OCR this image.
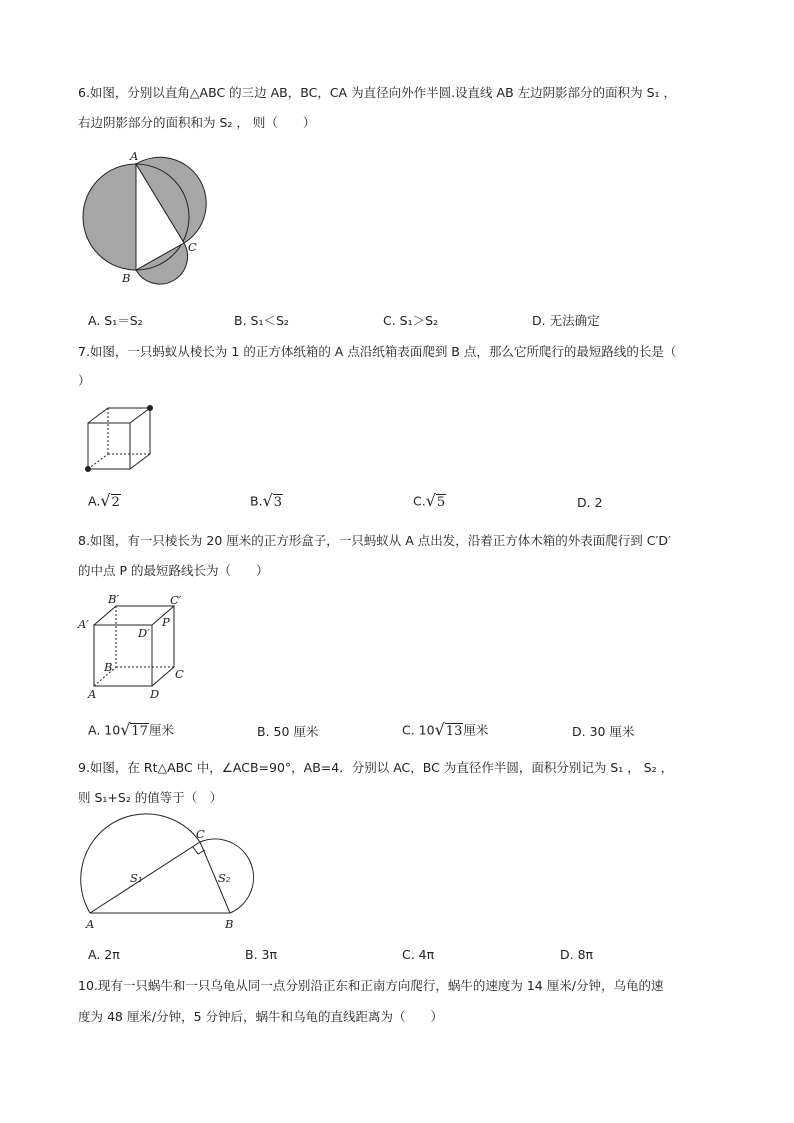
6.如图，分别以直角△ABC 的三边 AB，BC，CA 为直径向外作半圆.设直线 AB 左边阴影部分的面积为 S₁ ，
右边阴影部分的面积和为 S₂ ， 则（　　）
A
C
B
A. S₁＝S₂	B. S₁＜S₂	C. S₁＞S₂	D. 无法确定
7.如图，一只蚂蚁从棱长为 1 的正方体纸箱的 A 点沿纸箱表面爬到 B 点，那么它所爬行的最短路线的长是（
）
A.√2	B.√3	C.√5	D. 2
8.如图，有一只棱长为 20 厘米的正方形盒子，一只蚂蚁从 A 点出发，沿着正方体木箱的外表面爬行到 C′D′
的中点 P 的最短路线长为（　　）
B′	C′
A′
D′
P
B	C
A	D
A. 10√17厘米	B. 50 厘米	C. 10√13厘米	D. 30 厘米
9.如图，在 Rt△ABC 中，∠ACB=90°，AB=4．分别以 AC，BC 为直径作半圆，面积分别记为 S₁ ， S₂ ，
则 S₁+S₂ 的值等于（　）
C
S₁	S₂
A	B
A. 2π	B. 3π	C. 4π	D. 8π
10.现有一只蜗牛和一只乌龟从同一点分别沿正东和正南方向爬行，蜗牛的速度为 14 厘米/分钟，乌龟的速
度为 48 厘米/分钟，5 分钟后，蜗牛和乌龟的直线距离为（　　）
